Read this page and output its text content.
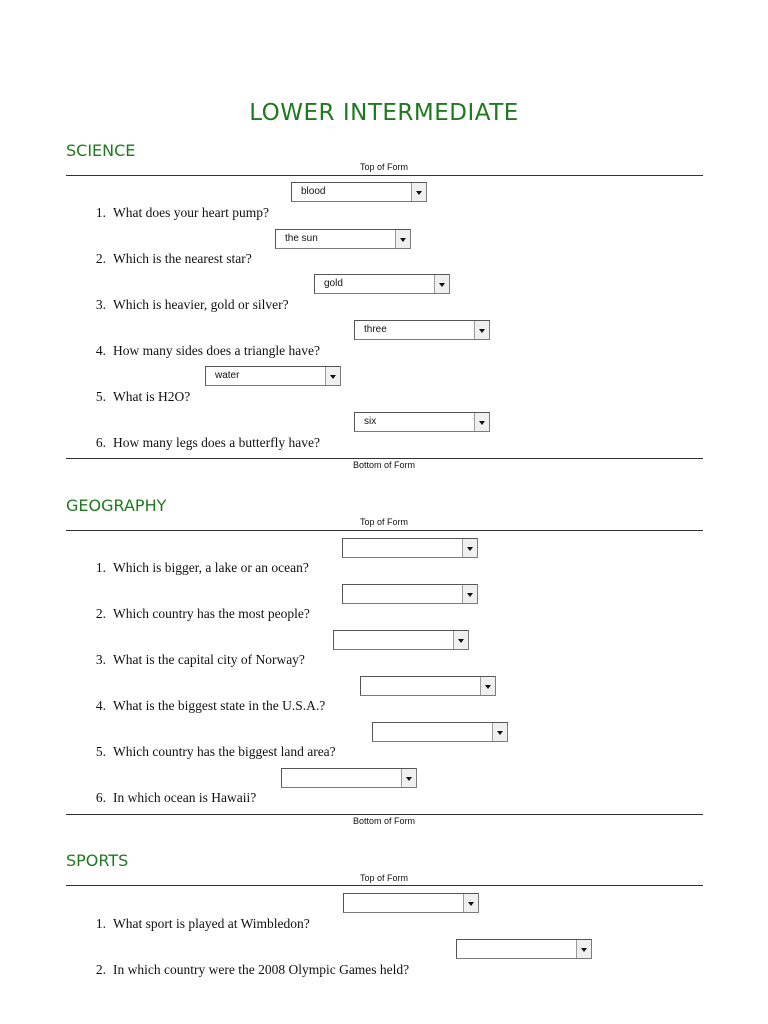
LOWER INTERMEDIATE
SCIENCE
Top of Form
blood
1. What does your heart pump?
the sun
2. Which is the nearest star?
gold
3. Which is heavier, gold or silver?
three
4. How many sides does a triangle have?
water
5. What is H2O?
six
6. How many legs does a butterfly have?
Bottom of Form
GEOGRAPHY
Top of Form
1. Which is bigger, a lake or an ocean?
2. Which country has the most people?
3. What is the capital city of Norway?
4. What is the biggest state in the U.S.A.?
5. Which country has the biggest land area?
6. In which ocean is Hawaii?
Bottom of Form
SPORTS
Top of Form
1. What sport is played at Wimbledon?
2. In which country were the 2008 Olympic Games held?
